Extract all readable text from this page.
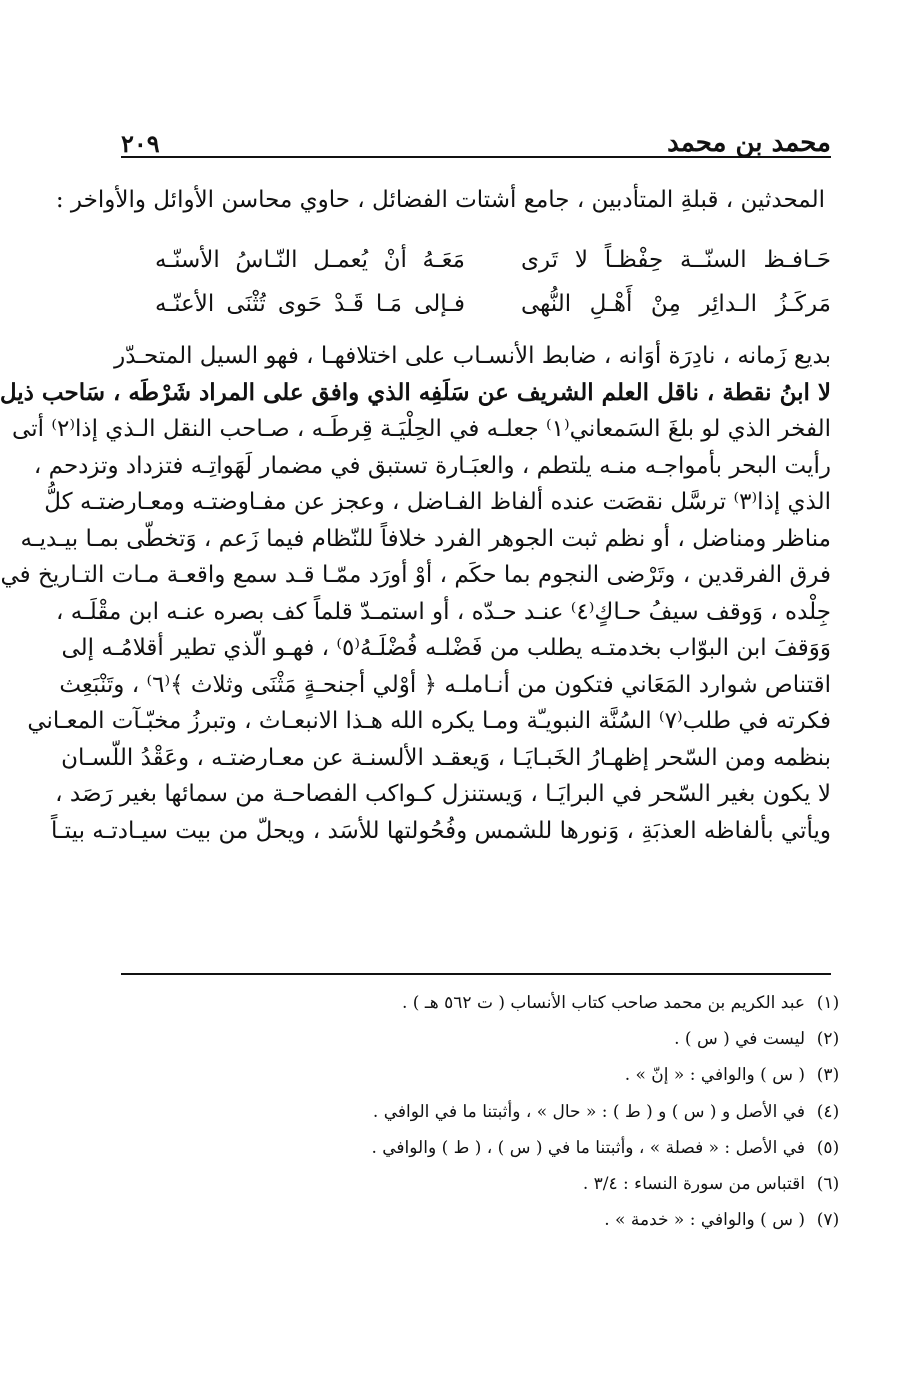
محمد بن محمد
٢٠٩
المحدثين ، قبلةِ المتأدبين ، جامع أشتات الفضائل ، حاوي محاسن الأوائل والأواخر :
حَـافـظ السنّــة حِفْظـاً لا تَرى
مَعَـهُ أنْ يُعمـل النّـاسُ الأسنّـه
مَركَـزُ الـدائِر مِنْ أَهْـلِ النُّهى
فـإلى مَـا قَـدْ حَوى تُثْنَى الأعنّـه
بديع زَمانه ، نادِرَة أوَانه ، ضابط الأنسـاب على اختلافهـا ، فهو السيل المتحـدّر
لا ابنُ نقطة ، ناقل العلم الشريف عن سَلَفِه الذي وافق على المراد شَرْطَه ، سَاحب ذيل
الفخر الذي لو بلغَ السَمعاني⁽١⁾ جعلـه في الحِلْيَـة قِرطَـه ، صـاحب النقل الـذي إذا⁽٢⁾ أتى
رأيت البحر بأمواجـه منـه يلتطم ، والعبَـارة تستبق في مضمار لَهَواتِـه فتزداد وتزدحم ،
الذي إذا⁽٣⁾ ترسَّل نقصَت عنده ألفاظ الفـاضل ، وعجز عن مفـاوضتـه ومعـارضتـه كلُّ
مناظر ومناضل ، أو نظم ثبت الجوهر الفرد خلافاً للنّظام فيما زَعم ، وَتخطّى بمـا بيـديـه
فرق الفرقدين ، وتَرْضى النجوم بما حكَم ، أوْ أورَد ممّـا قـد سمع واقعـة مـات التـاريخ في
جِلْده ، وَوقف سيفُ حـاكٍ⁽٤⁾ عنـد حـدّه ، أو استمـدّ قلماً كف بصره عنـه ابن مقْلَـه ،
وَوَقفَ ابن البوّاب بخدمتـه يطلب من فَضْلـه فُضْلَـهُ⁽٥⁾ ، فهـو الّذي تطير أقلامُـه إلى
اقتناص شوارد المَعَاني فتكون من أنـاملـه ﴿ أوْلي أجنحـةٍ مَثْنَى وثلاث ﴾⁽٦⁾ ، وتَنْبَعِث
فكرته في طلب⁽٧⁾ السُنَّة النبويـّة ومـا يكره الله هـذا الانبعـاث ، وتبرزُ مخبّـآت المعـاني
بنظمه ومن السّحر إظهـارُ الخَبـايَـا ، وَيعقـد الألسنـة عن معـارضتـه ، وعَقْدُ اللّسـان
لا يكون بغير السّحر في البرايَـا ، وَيستنزل كـواكب الفصاحـة من سمائها بغير رَصَد ،
ويأتي بألفاظه العذبَةِ ، وَنورها للشمس وفُحُولتها للأسَد ، ويحلّ من بيت سيـادتـه بيتـاً
(١)
عبد الكريم بن محمد صاحب كتاب الأنساب ( ت ٥٦٢ هـ ) .
(٢)
ليست في ( س ) .
(٣)
( س ) والوافي : « إنّ » .
(٤)
في الأصل و ( س ) و ( ط ) : « حال » ، وأثبتنا ما في الوافي .
(٥)
في الأصل : « فصلة » ، وأثبتنا ما في ( س ) ، ( ط ) والوافي .
(٦)
اقتباس من سورة النساء : ٣/٤ .
(٧)
( س ) والوافي : « خدمة » .
